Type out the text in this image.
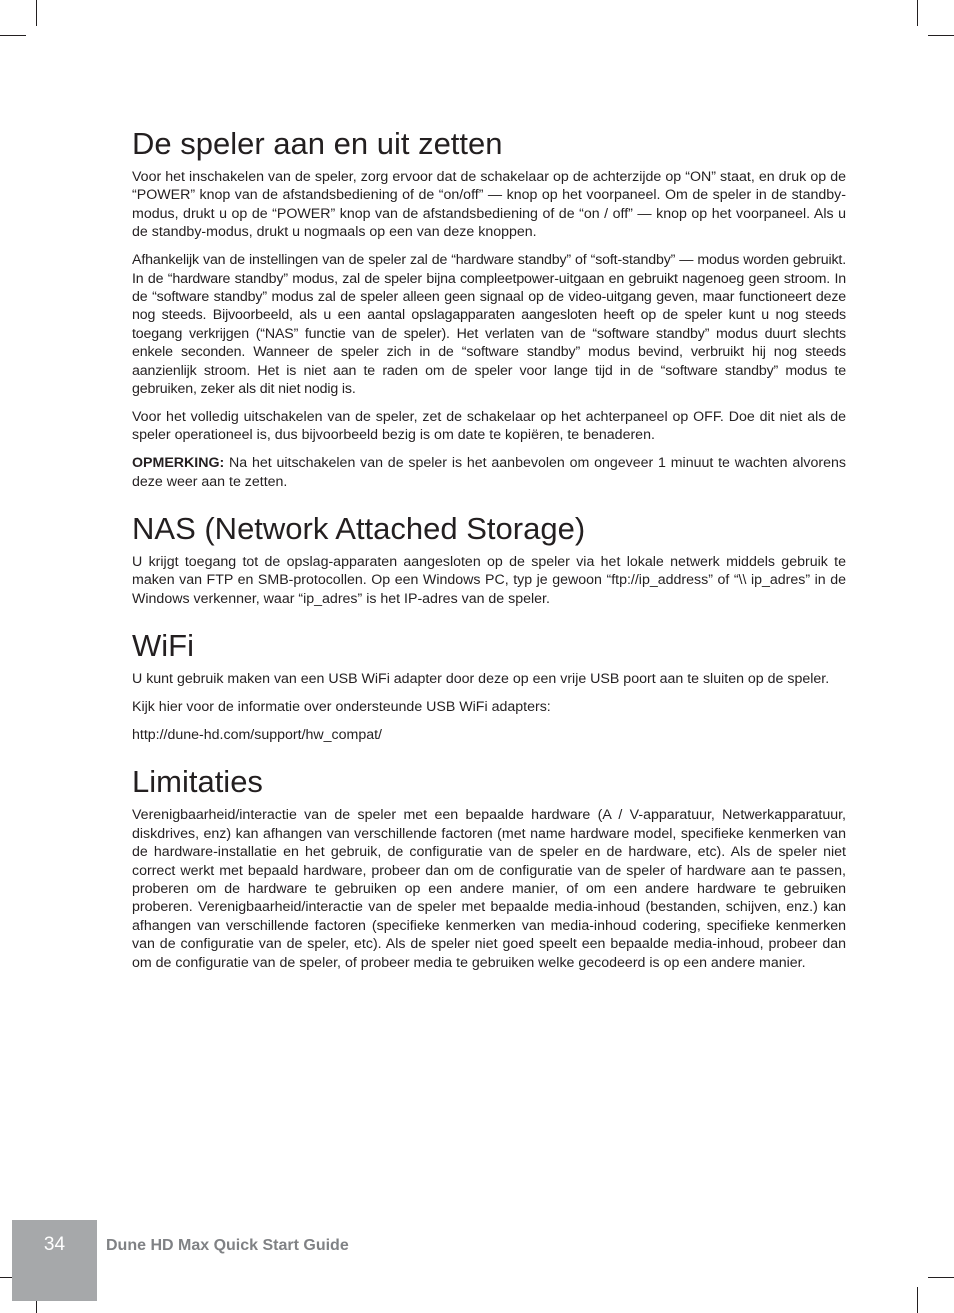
De speler aan en uit zetten

Voor het inschakelen van de speler, zorg ervoor dat de schakelaar op de achterzijde op “ON” staat, en druk op de “POWER” knop van de afstandsbediening of de “on/off” — knop op het voorpaneel. Om de speler in de standby-modus, drukt u op de “POWER” knop van de afstandsbediening of de “on / off” — knop op het voorpaneel. Als u de standby-modus, drukt u nogmaals op een van deze knoppen.

Afhankelijk van de instellingen van de speler zal de “hardware standby” of “soft-standby” — modus worden gebruikt. In de “hardware standby” modus, zal de speler bijna compleetpower-uitgaan en gebruikt nagenoeg geen stroom. In de “software standby” modus zal de speler alleen geen signaal op de video-uitgang geven, maar functioneert deze nog steeds. Bijvoorbeeld, als u een aantal opslagapparaten aangesloten heeft op de speler kunt u nog steeds toegang verkrijgen (“NAS” functie van de speler). Het verlaten van de “software standby” modus duurt slechts enkele seconden. Wanneer de speler zich in de “software standby” modus bevind, verbruikt hij nog steeds aanzienlijk stroom. Het is niet aan te raden om de speler voor lange tijd in de “software standby” modus te gebruiken, zeker als dit niet nodig is.

Voor het volledig uitschakelen van de speler, zet de schakelaar op het achterpaneel op OFF. Doe dit niet als de speler operationeel is, dus bijvoorbeeld bezig is om date te kopiëren, te benaderen.

OPMERKING: Na het uitschakelen van de speler is het aanbevolen om ongeveer 1 minuut te wachten alvorens deze weer aan te zetten.

NAS (Network Attached Storage)

U krijgt toegang tot de opslag-apparaten aangesloten op de speler via het lokale netwerk middels gebruik te maken van FTP en SMB-protocollen. Op een Windows PC, typ je gewoon “ftp://ip_address” of “\\ ip_adres” in de Windows verkenner, waar “ip_adres” is het IP-adres van de speler.

WiFi

U kunt gebruik maken van een USB WiFi adapter door deze op een vrije USB poort aan te sluiten op de speler.

Kijk hier voor de informatie over ondersteunde USB WiFi adapters:

http://dune-hd.com/support/hw_compat/

Limitaties

Verenigbaarheid/interactie van de speler met een bepaalde hardware (A / V-apparatuur, Netwerkapparatuur, diskdrives, enz) kan afhangen van verschillende factoren (met name hardware model, specifieke kenmerken van de hardware-installatie en het gebruik, de configuratie van de speler en de hardware, etc). Als de speler niet correct werkt met bepaald hardware, probeer dan om de configuratie van de speler of hardware aan te passen, proberen om de hardware te gebruiken op een andere manier, of om een andere hardware te gebruiken proberen. Verenigbaarheid/interactie van de speler met bepaalde media-inhoud (bestanden, schijven, enz.) kan afhangen van verschillende factoren (specifieke kenmerken van media-inhoud codering, specifieke kenmerken van de configuratie van de speler, etc). Als de speler niet goed speelt een bepaalde media-inhoud, probeer dan om de configuratie van de speler, of probeer media te gebruiken welke gecodeerd is op een andere manier.

34	Dune HD Max Quick Start Guide
